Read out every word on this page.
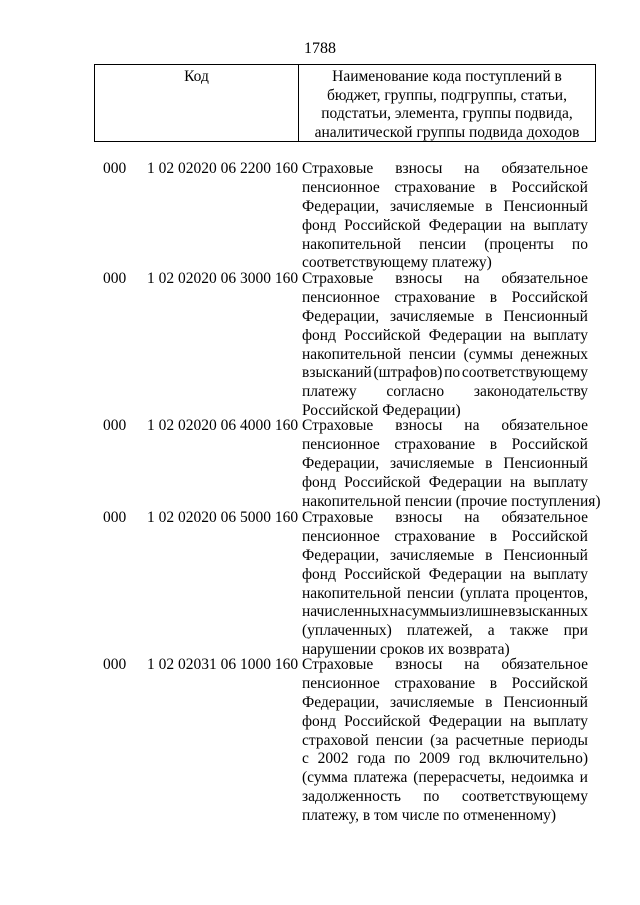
1788
Код	Наименование кода поступлений в бюджет, группы, подгруппы, статьи, подстатьи, элемента, группы подвида, аналитической группы подвида доходов
000	1 02 02020 06 2200 160 Страховые взносы на обязательное
пенсионное страхование в Российской
Федерации, зачисляемые в Пенсионный
фонд Российской Федерации на выплату
накопительной пенсии (проценты по
соответствующему платежу)
000	1 02 02020 06 3000 160 Страховые взносы на обязательное
пенсионное страхование в Российской
Федерации, зачисляемые в Пенсионный
фонд Российской Федерации на выплату
накопительной пенсии (суммы денежных
взысканий (штрафов) по соответствующему
платежу согласно законодательству
Российской Федерации)
000	1 02 02020 06 4000 160 Страховые взносы на обязательное
пенсионное страхование в Российской
Федерации, зачисляемые в Пенсионный
фонд Российской Федерации на выплату
накопительной пенсии (прочие поступления)
000	1 02 02020 06 5000 160 Страховые взносы на обязательное
пенсионное страхование в Российской
Федерации, зачисляемые в Пенсионный
фонд Российской Федерации на выплату
накопительной пенсии (уплата процентов,
начисленных на суммы излишне взысканных
(уплаченных) платежей, а также при
нарушении сроков их возврата)
000	1 02 02031 06 1000 160 Страховые взносы на обязательное
пенсионное страхование в Российской
Федерации, зачисляемые в Пенсионный
фонд Российской Федерации на выплату
страховой пенсии (за расчетные периоды
с 2002 года по 2009 год включительно)
(сумма платежа (перерасчеты, недоимка и
задолженность по соответствующему
платежу, в том числе по отмененному)
